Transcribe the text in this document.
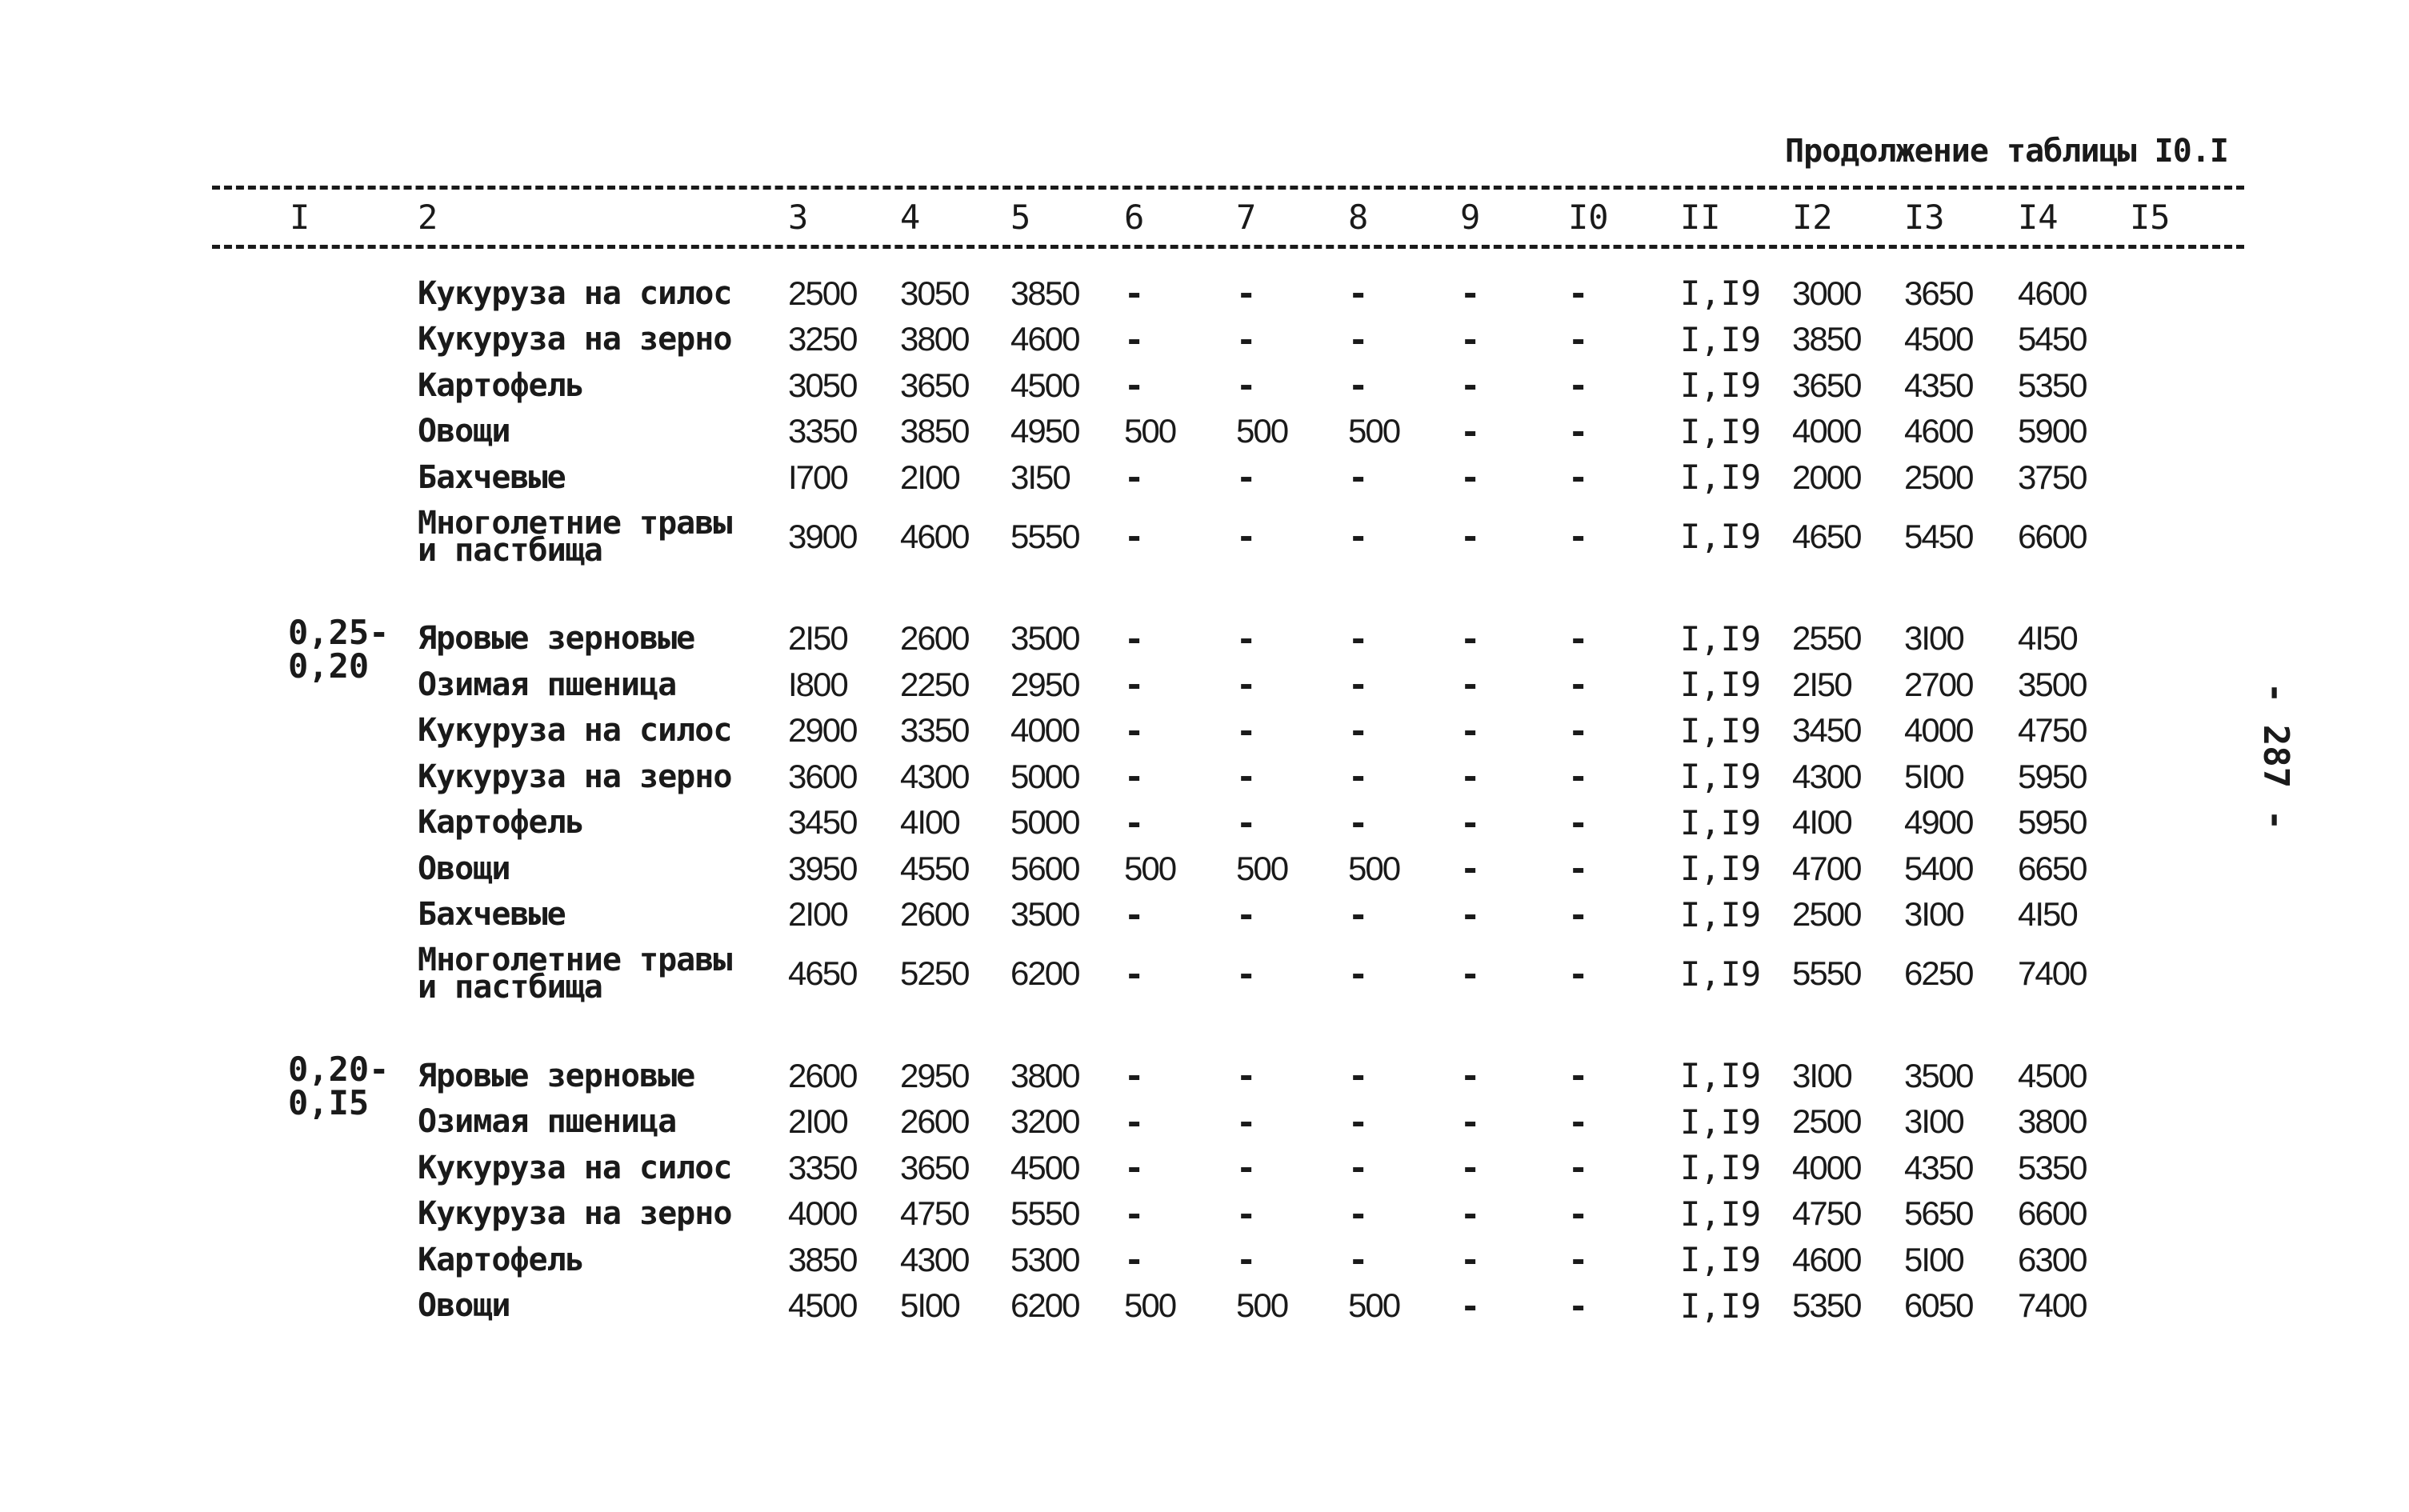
Продолжение таблицы I0.I
I	2	3	4	5	6	7	8	9	I0 II I2 I3 I4 I5
Кукуруза на силос 2500 3050 3850 -	-	-	-	-	I,I9 3000 3650 4600
Кукуруза на зерно 3250 3800 4600 -	-	-	-	-	I,I9 3850 4500 5450
Картофель	3050 3650 4500 -	-	-	-	-	I,I9 3650 4350 5350
Овощи	3350 3850 4950 500 500 500 -	-	I,I9 4000 4600 5900
Бахчевые	I700 2I00 3I50 -	-	-	-	-	I,I9 2000 2500 3750
Многолетние травы
и пастбища	3900 4600 5550 -	-	-	-	-	I,I9 4650 5450 6600
0,25-
0,20
Яровые зерновые	2I50 2600 3500 -	-	-	-	-	I,I9 2550 3I00 4I50
Озимая пшеница	I800 2250 2950 -	-	-	-	-	I,I9 2I50 2700 3500
Кукуруза на силос 2900 3350 4000 -	-	-	-	-	I,I9 3450 4000 4750
Кукуруза на зерно 3600 4300 5000 -	-	-	-	-	I,I9 4300 5I00 5950
Картофель	3450 4I00 5000 -	-	-	-	-	I,I9 4I00 4900 5950
Овощи	3950 4550 5600 500 500 500 -	-	I,I9 4700 5400 6650
Бахчевые	2I00 2600 3500 -	-	-	-	-	I,I9 2500 3I00 4I50
Многолетние травы
и пастбища	4650 5250 6200 -	-	-	-	-	I,I9 5550 6250 7400
0,20-
0,I5
Яровые зерновые	2600 2950 3800 -	-	-	-	-	I,I9 3I00 3500 4500
Озимая пшеница	2I00 2600 3200 -	-	-	-	-	I,I9 2500 3I00 3800
Кукуруза на силос 3350 3650 4500 -	-	-	-	-	I,I9 4000 4350 5350
Кукуруза на зерно 4000 4750 5550 -	-	-	-	-	I,I9 4750 5650 6600
Картофель	3850 4300 5300 -	-	-	-	-	I,I9 4600 5I00 6300
Овощи	4500 5I00 6200 500 500 500 -	-	I,I9 5350 6050 7400
- 287 -
